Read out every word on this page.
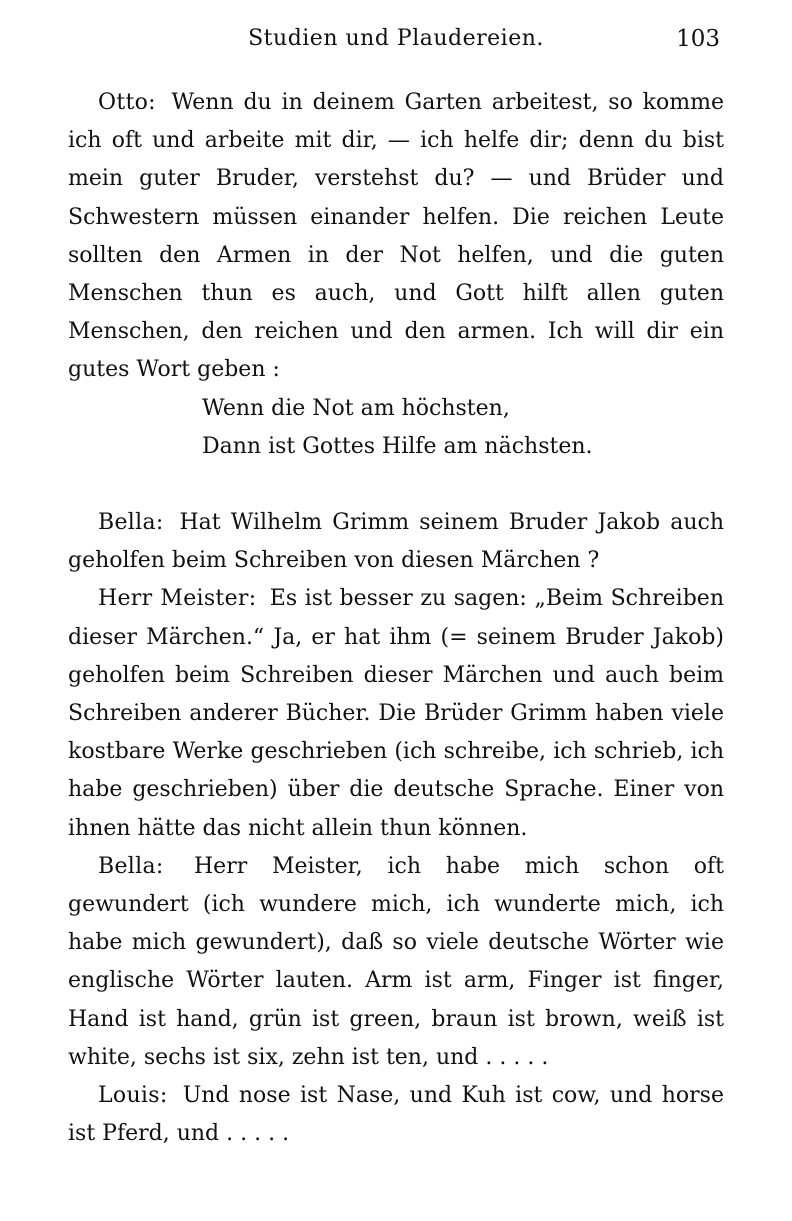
Studien und Plaudereien.	103

Otto: Wenn du in deinem Garten arbeitest, so komme ich oft und arbeite mit dir, — ich helfe dir; denn du bist mein guter Bruder, verstehst du? — und Brüder und Schwestern müssen einander helfen. Die reichen Leute sollten den Armen in der Not helfen, und die guten Menschen thun es auch, und Gott hilft allen guten Menschen, den reichen und den armen. Ich will dir ein gutes Wort geben :

Wenn die Not am höchsten,

Dann ist Gottes Hilfe am nächsten.

Bella: Hat Wilhelm Grimm seinem Bruder Jakob auch geholfen beim Schreiben von diesen Märchen ?

Herr Meister: Es ist besser zu sagen: „Beim Schreiben dieser Märchen.“ Ja, er hat ihm (= seinem Bruder Jakob) geholfen beim Schreiben dieser Märchen und auch beim Schreiben anderer Bücher. Die Brüder Grimm haben viele kostbare Werke geschrieben (ich schreibe, ich schrieb, ich habe geschrieben) über die deutsche Sprache. Einer von ihnen hätte das nicht allein thun können.

Bella: Herr Meister, ich habe mich schon oft gewundert (ich wundere mich, ich wunderte mich, ich habe mich gewundert), daß so viele deutsche Wörter wie englische Wörter lauten. Arm ist arm, Finger ist finger, Hand ist hand, grün ist green, braun ist brown, weiß ist white, sechs ist six, zehn ist ten, und . . . . .

Louis: Und nose ist Nase, und Kuh ist cow, und horse ist Pferd, und . . . . .
